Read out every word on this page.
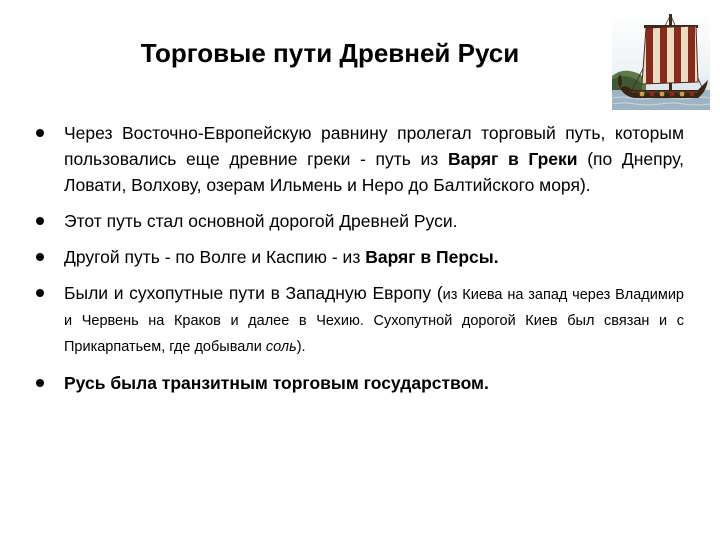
Торговые пути Древней Руси
Через Восточно-Европейскую равнину пролегал торговый путь, которым пользовались еще древние греки - путь из Варяг в Греки (по Днепру, Ловати, Волхову, озерам Ильмень и Неро до Балтийского моря).
Этот путь стал основной дорогой Древней Руси.
Другой путь - по Волге и Каспию - из Варяг в Персы.
Были и сухопутные пути в Западную Европу (из Киева на запад через Владимир и Червень на Краков и далее в Чехию. Сухопутной дорогой Киев был связан и с Прикарпатьем, где добывали соль).
Русь была транзитным торговым государством.
